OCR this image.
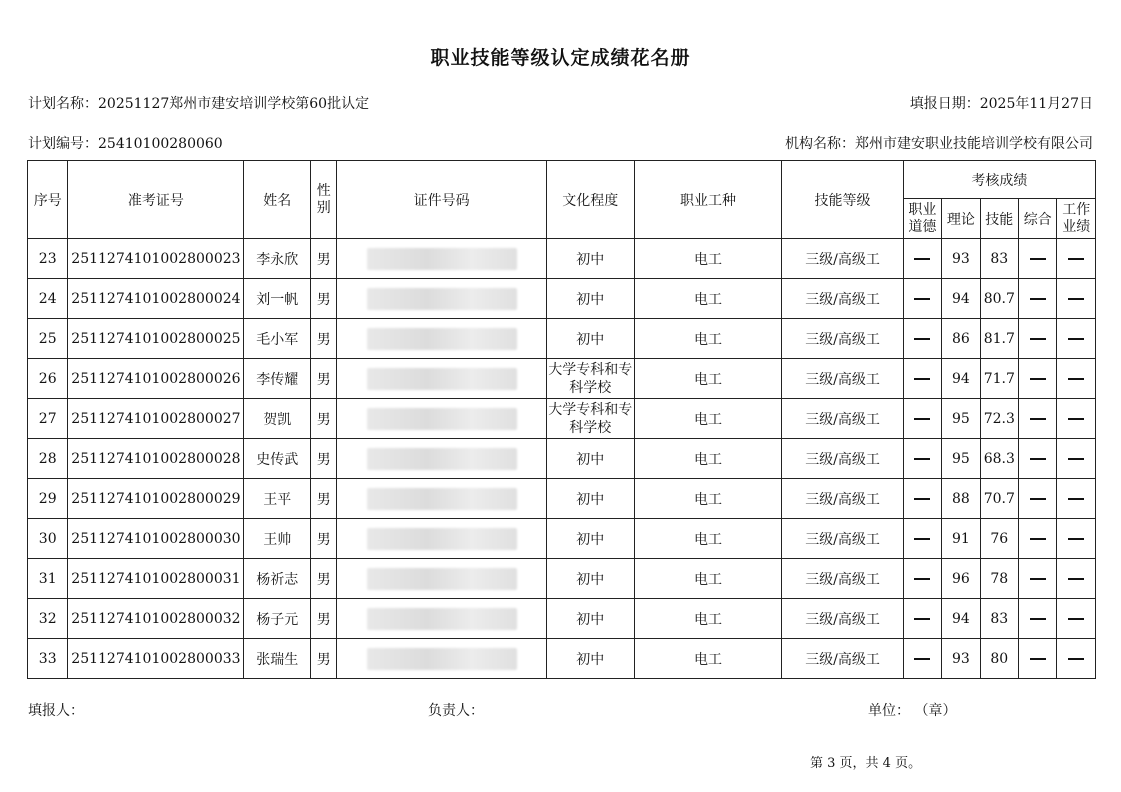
职业技能等级认定成绩花名册
计划名称：20251127郑州市建安培训学校第60批认定	填报日期：2025年11月27日
计划编号：25410100280060	机构名称：郑州市建安职业技能培训学校有限公司
序号	准考证号	姓名	性别	证件号码	文化程度	职业工种	技能等级	考核成绩				
								职业道德	理论	技能	综合	工作业绩
23	2511274101002800023	李永欣	男		初中	电工	三级/高级工		93	83		
24	2511274101002800024	刘一帆	男		初中	电工	三级/高级工		94	80.7		
25	2511274101002800025	毛小军	男		初中	电工	三级/高级工		86	81.7		
26	2511274101002800026	李传耀	男		大学专科和专科学校	电工	三级/高级工		94	71.7		
27	2511274101002800027	贺凯	男		大学专科和专科学校	电工	三级/高级工		95	72.3		
28	2511274101002800028	史传武	男		初中	电工	三级/高级工		95	68.3		
29	2511274101002800029	王平	男		初中	电工	三级/高级工		88	70.7		
30	2511274101002800030	王帅	男		初中	电工	三级/高级工		91	76		
31	2511274101002800031	杨祈志	男		初中	电工	三级/高级工		96	78		
32	2511274101002800032	杨子元	男		初中	电工	三级/高级工		94	83		
33	2511274101002800033	张瑞生	男		初中	电工	三级/高级工		93	80		
填报人：	负责人：	单位： （章）
第 3 页，共 4 页。
